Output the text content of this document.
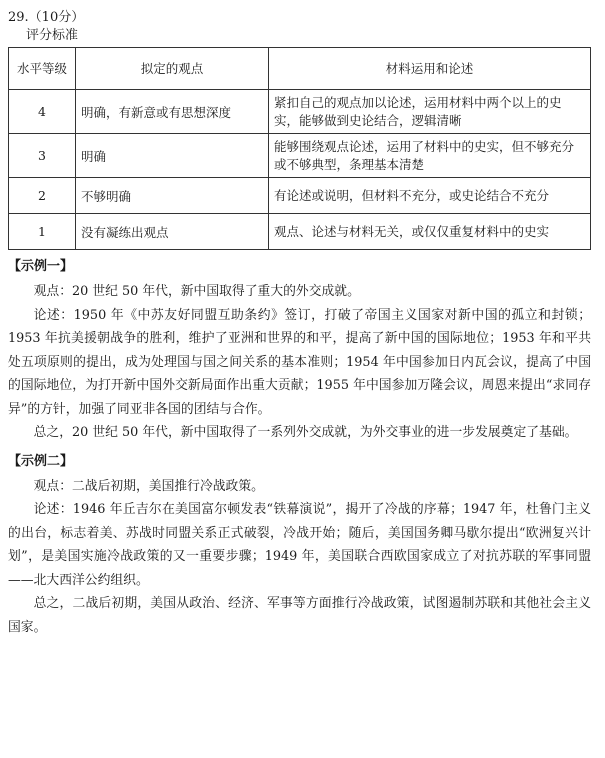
29.（10分）
评分标准
水平等级	拟定的观点	材料运用和论述
4	明确，有新意或有思想深度	紧扣自己的观点加以论述，运用材料中两个以上的史实，能够做到史论结合，逻辑清晰
3	明确	能够围绕观点论述，运用了材料中的史实，但不够充分或不够典型，条理基本清楚
2	不够明确	有论述或说明，但材料不充分，或史论结合不充分
1	没有凝练出观点	观点、论述与材料无关，或仅仅重复材料中的史实
【示例一】

观点：20 世纪 50 年代，新中国取得了重大的外交成就。

论述：1950 年《中苏友好同盟互助条约》签订，打破了帝国主义国家对新中国的孤立和封锁；1953 年抗美援朝战争的胜利，维护了亚洲和世界的和平，提高了新中国的国际地位；1953 年和平共处五项原则的提出，成为处理国与国之间关系的基本准则；1954 年中国参加日内瓦会议，提高了中国的国际地位，为打开新中国外交新局面作出重大贡献；1955 年中国参加万隆会议，周恩来提出“求同存异”的方针，加强了同亚非各国的团结与合作。

总之，20 世纪 50 年代，新中国取得了一系列外交成就，为外交事业的进一步发展奠定了基础。

【示例二】

观点：二战后初期，美国推行冷战政策。

论述：1946 年丘吉尔在美国富尔顿发表“铁幕演说”，揭开了冷战的序幕；1947 年，杜鲁门主义的出台，标志着美、苏战时同盟关系正式破裂，冷战开始；随后，美国国务卿马歇尔提出“欧洲复兴计划”，是美国实施冷战政策的又一重要步骤；1949 年，美国联合西欧国家成立了对抗苏联的军事同盟——北大西洋公约组织。

总之，二战后初期，美国从政治、经济、军事等方面推行冷战政策，试图遏制苏联和其他社会主义国家。
